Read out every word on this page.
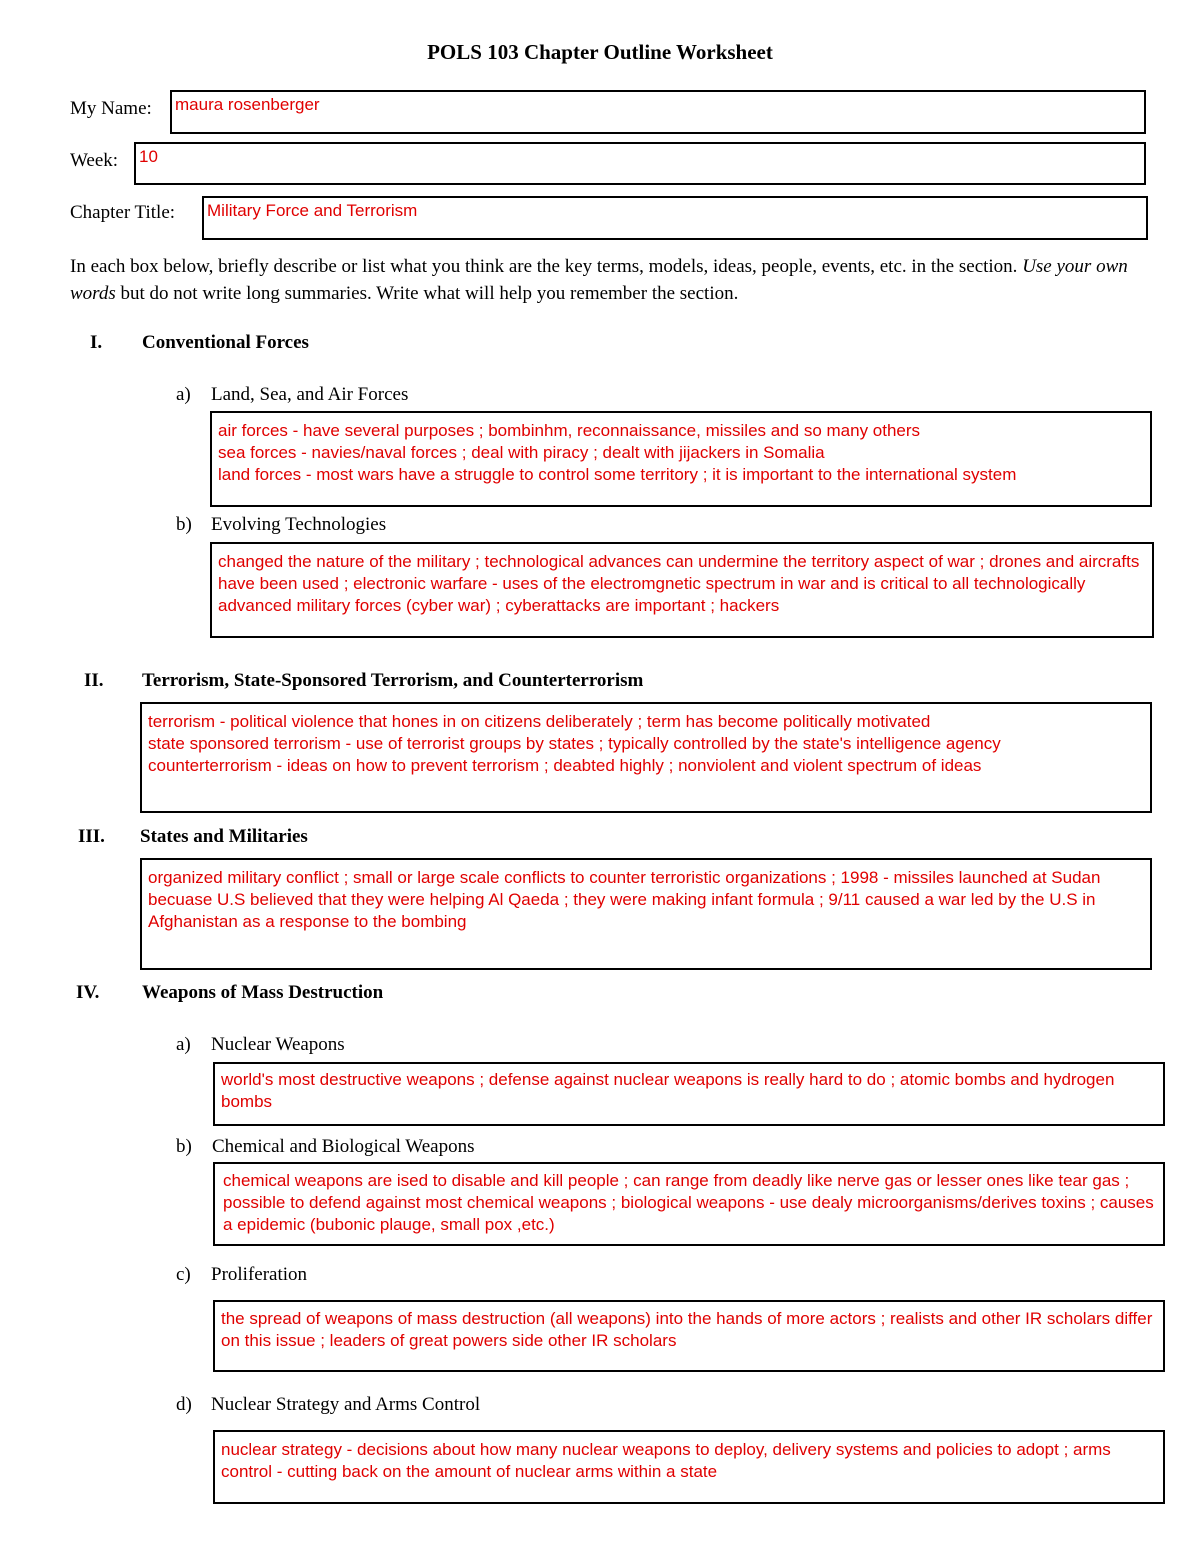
POLS 103 Chapter Outline Worksheet
My Name: maura rosenberger
Week: 10
Chapter Title: Military Force and Terrorism
In each box below, briefly describe or list what you think are the key terms, models, ideas, people, events, etc. in the section. Use your own words but do not write long summaries. Write what will help you remember the section.
I. Conventional Forces
a) Land, Sea, and Air Forces
air forces - have several purposes ; bombinhm, reconnaissance, missiles and so many others
sea forces - navies/naval forces ; deal with piracy ; dealt with jijackers in Somalia
land forces - most wars have a struggle to control some territory ; it is important to the international system
b) Evolving Technologies
changed the nature of the military ; technological advances can undermine the territory aspect of war ; drones and aircrafts have been used ; electronic warfare - uses of the electromgnetic spectrum in war and is critical to all technologically advanced military forces (cyber war) ; cyberattacks are important ; hackers
II. Terrorism, State-Sponsored Terrorism, and Counterterrorism
terrorism - political violence that hones in on citizens deliberately ; term has become politically motivated
state sponsored terrorism - use of terrorist groups by states ; typically controlled by the state's intelligence agency
counterterrorism - ideas on how to prevent terrorism ; deabted highly ; nonviolent and violent spectrum of ideas
III. States and Militaries
organized military conflict ; small or large scale conflicts to counter terroristic organizations ; 1998 - missiles launched at Sudan becuase U.S believed that they were helping Al Qaeda ; they were making infant formula ; 9/11 caused a war led by the U.S in Afghanistan as a response to the bombing
IV. Weapons of Mass Destruction
a) Nuclear Weapons
world's most destructive weapons ; defense against nuclear weapons is really hard to do ; atomic bombs and hydrogen bombs
b) Chemical and Biological Weapons
chemical weapons are ised to disable and kill people ; can range from deadly like nerve gas or lesser ones like tear gas ; possible to defend against most chemical weapons ; biological weapons - use dealy microorganisms/derives toxins ; causes a epidemic (bubonic plauge, small pox ,etc.)
c) Proliferation
the spread of weapons of mass destruction (all weapons) into the hands of more actors ; realists and other IR scholars differ on this issue ; leaders of great powers side other IR scholars
d) Nuclear Strategy and Arms Control
nuclear strategy - decisions about how many nuclear weapons to deploy, delivery systems and policies to adopt ; arms control - cutting back on the amount of nuclear arms within a state
